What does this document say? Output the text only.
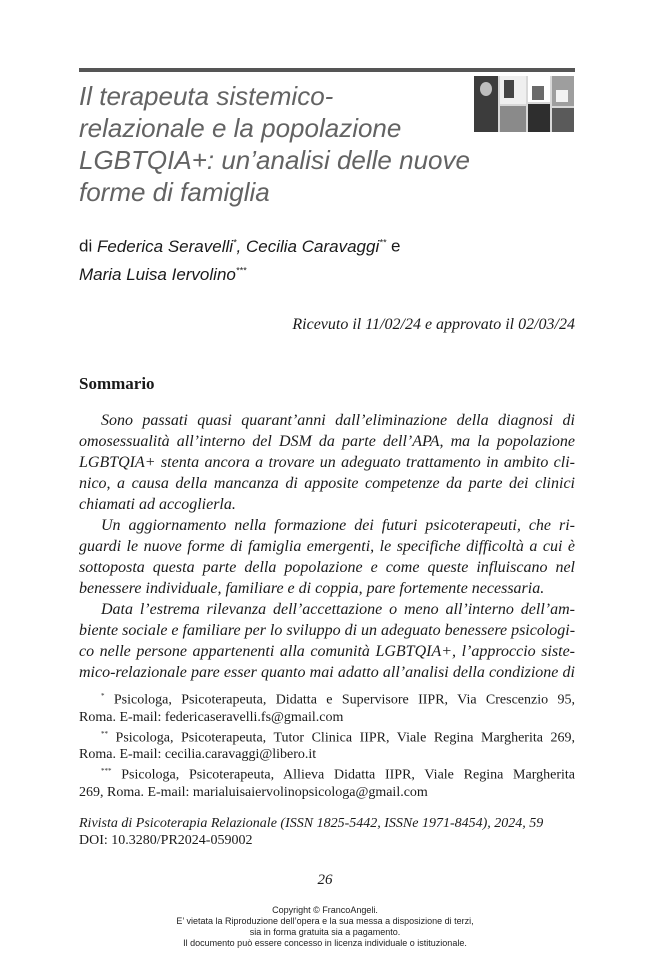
Il terapeuta sistemico-
relazionale e la popolazione
LGBTQIA+: un’analisi delle nuove
forme di famiglia
di Federica Seravelli*, Cecilia Caravaggi** e
Maria Luisa Iervolino***
Ricevuto il 11/02/24 e approvato il 02/03/24
Sommario
Sono passati quasi quarant’anni dall’eliminazione della diagnosi di
omosessualità all’interno del DSM da parte dell’APA, ma la popolazione
LGBTQIA+ stenta ancora a trovare un adeguato trattamento in ambito cli-
nico, a causa della mancanza di apposite competenze da parte dei clinici
chiamati ad accoglierla.
Un aggiornamento nella formazione dei futuri psicoterapeuti, che ri-
guardi le nuove forme di famiglia emergenti, le specifiche difficoltà a cui è
sottoposta questa parte della popolazione e come queste influiscano nel
benessere individuale, familiare e di coppia, pare fortemente necessaria.
Data l’estrema rilevanza dell’accettazione o meno all’interno dell’am-
biente sociale e familiare per lo sviluppo di un adeguato benessere psicologi-
co nelle persone appartenenti alla comunità LGBTQIA+, l’approccio siste-
mico-relazionale pare esser quanto mai adatto all’analisi della condizione di
* Psicologa, Psicoterapeuta, Didatta e Supervisore IIPR, Via Crescenzio 95,
Roma. E-mail: federicaseravelli.fs@gmail.com
** Psicologa, Psicoterapeuta, Tutor Clinica IIPR, Viale Regina Margherita 269,
Roma. E-mail: cecilia.caravaggi@libero.it
*** Psicologa, Psicoterapeuta, Allieva Didatta IIPR, Viale Regina Margherita
269, Roma. E-mail: marialuisaiervolinopsicologa@gmail.com
Rivista di Psicoterapia Relazionale (ISSN 1825-5442, ISSNe 1971-8454), 2024, 59
DOI: 10.3280/PR2024-059002
26
Copyright © FrancoAngeli.
E’ vietata la Riproduzione dell’opera e la sua messa a disposizione di terzi,
sia in forma gratuita sia a pagamento.
Il documento può essere concesso in licenza individuale o istituzionale.
